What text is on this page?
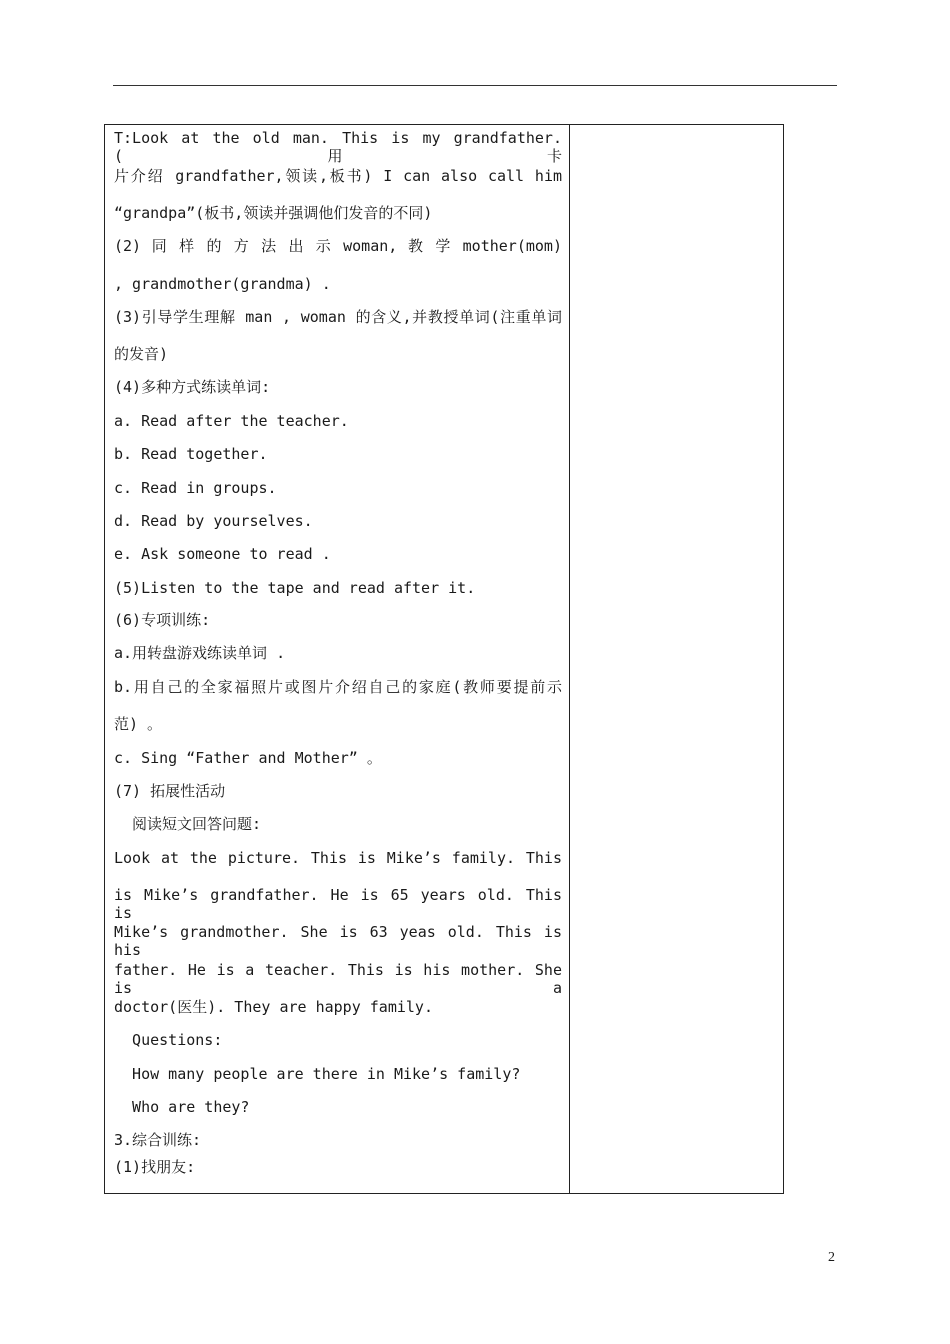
T:Look at the old man. This is my grandfather. (用卡
片介绍 grandfather,领读,板书) I can also call him
“grandpa”(板书,领读并强调他们发音的不同)
(2) 同 样 的 方 法 出 示 woman, 教 学 mother(mom)
, grandmother(grandma) .
(3)引导学生理解 man , woman 的含义,并教授单词(注重单词
的发音)
(4)多种方式练读单词:
a. Read after the teacher.
b. Read together.
c. Read in groups.
d. Read by yourselves.
e. Ask someone to read .
(5)Listen to the tape and read after it.
(6)专项训练:
a.用转盘游戏练读单词 .
b.用自己的全家福照片或图片介绍自己的家庭(教师要提前示
范) 。
c. Sing “Father and Mother” 。
(7) 拓展性活动
阅读短文回答问题:
Look at the picture. This is Mike’s family. This
is Mike’s grandfather. He is 65 years old. This is
Mike’s grandmother. She is 63 yeas old. This is his
father. He is a teacher. This is his mother. She is a
doctor(医生). They are happy family.
Questions:
How many people are there in Mike’s family?
Who are they?
3.综合训练:
(1)找朋友:
2
